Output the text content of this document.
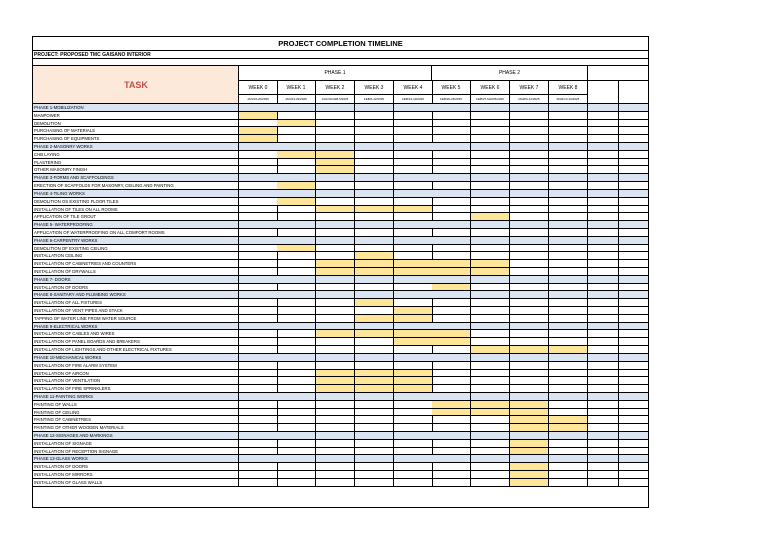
PROJECT COMPLETION TIMELINE
PROJECT: PROPOSED TMC GAISANO INTERIOR
TASK
PHASE 1	PHASE 2
WEEK 0
JAN/16-20/2025
WEEK 1
JAN/23-29/2025
WEEK 2
JAN/30-FEB 5/2025
WEEK 3
FEB/6-12/2025
WEEK 4
FEB/13-19/2025
WEEK 5
FEB/20-26/2025
WEEK 6
FEB/27-MAR/5/2025
WEEK 7
MAR/6-12/2025
WEEK 8
MAR/13-19/2025
PHASE 1-MOBILIZATION
MANPOWER
DEMOLITION
PURCHASING OF MATERIALS
PURCHASING OF EQUIPMENTS
PHASE 2-MASONRY WORKS
CHB LAYING
PLASTERING
OTHER MASONRY FINISH
PHASE 3-FORMS AND SCAFFOLDINGS
ERECTION OF SCAFFOLDS FOR MASONRY, CEILING AND PAINTING
PHASE 4-TILING WORKS
DEMOLITION OS EXISTING FLOOR TILES
INSTALLATION OF TILES ON ALL ROOMS
APPLICATION OF TILE GROUT
PHASE 5- WATERPROOFING
APPLICATION OF WATERPROOFING ON ALL COMFORT ROOMS
PHASE 6-CARPENTRY WORKS
DEMOLITION OF EXISTING CEILING
INSTALLATION CEILING
INSTALLATION OF CABINETRIES AND COUNTERS
INSTALLATION OF DRYWALLS
PHASE 7- DOORS
INSTALLATION OF DOORS
PHASE 8-SANITARY AND PLUMBING WORKS
INSTALLATION OF ALL FIXTURES
INSTALLATION OF VENT PIPES AND STACK
TAPPING OF WATER LINE FROM WATER SOURCE
PHASE 9-ELECTRICAL WORKS
INSTALLATION OF CABLES AND WIRES
INSTALLATION OF PANEL BOARDS AND BREAKERS
INSTALLATION OF LIGHTINGS AND OTHER ELECTRICAL FIXTURES
PHASE 10-MECHANICAL WORKS
INSTALLATION OF FIRE ALARM SYSTEM
INSTALLATION OF AIRCON
INSTALLATION OF VENTILATION
INSTALLATION OF FIRE SPRINKLERS
PHASE 11-PAINTING WORKS
PAINTING OF WALLS
PAINTING OF CEILING
PAINTING OF CABINETRIES
PAINTING OF OTHER WOODEN MATERIALS
PHASE 12-SIGNAGES AND MARKINGS
INSTALLATION OF SIGNAGE
INSTALLATION OF RECEPTION SIGNAGE
PHASE 13-GLASS WORKS
INSTALLATION OF DOORS
INSTALLATION OF MIRRORS
INSTALLATION OF GLASS WALLS
